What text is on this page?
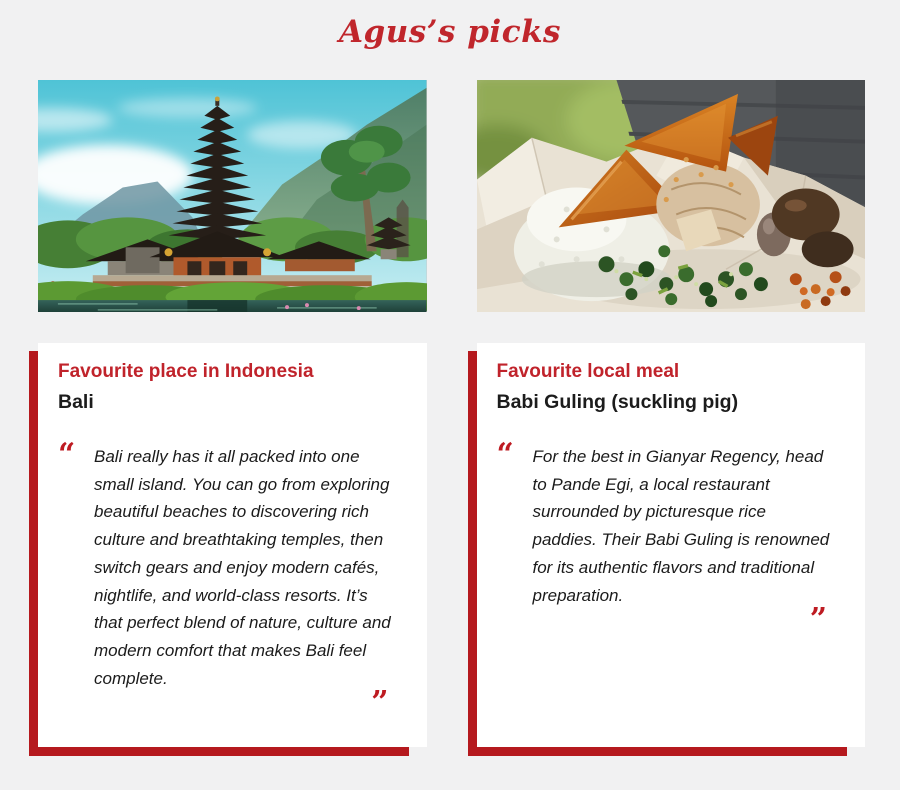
Agus’s picks

Favourite place in Indonesia

Bali

“	Bali really has it all packed into one small island. You can go from exploring beautiful beaches to discovering rich culture and breathtaking temples, then switch gears and enjoy modern cafés, nightlife, and world-class resorts. It’s that perfect blend of nature, culture and modern comfort that makes Bali feel complete.

”

Favourite local meal

Babi Guling (suckling pig)

“	For the best in Gianyar Regency, head to Pande Egi, a local restaurant surrounded by picturesque rice paddies. Their Babi Guling is renowned for its authentic flavors and traditional preparation.

”
